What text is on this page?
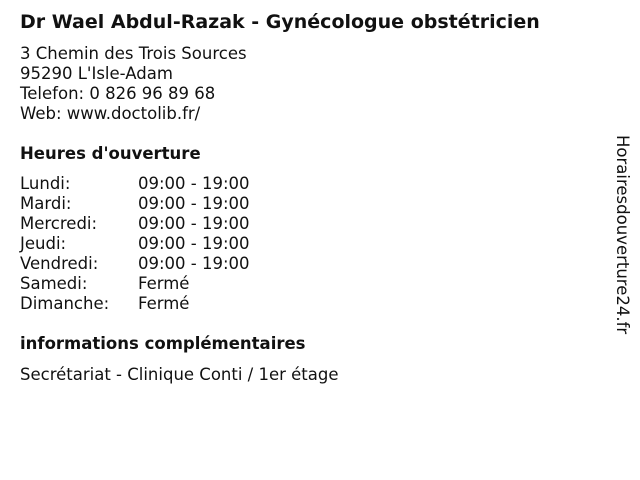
Dr Wael Abdul-Razak - Gynécologue obstétricien
3 Chemin des Trois Sources
95290 L'Isle-Adam
Telefon: 0 826 96 89 68
Web: www.doctolib.fr/
Heures d'ouverture
Lundi:	09:00 - 19:00
Mardi:	09:00 - 19:00
Mercredi:	09:00 - 19:00
Jeudi:	09:00 - 19:00
Vendredi:	09:00 - 19:00
Samedi:	Fermé
Dimanche:	Fermé
informations complémentaires
Secrétariat - Clinique Conti / 1er étage
Horairesdouverture24.fr
